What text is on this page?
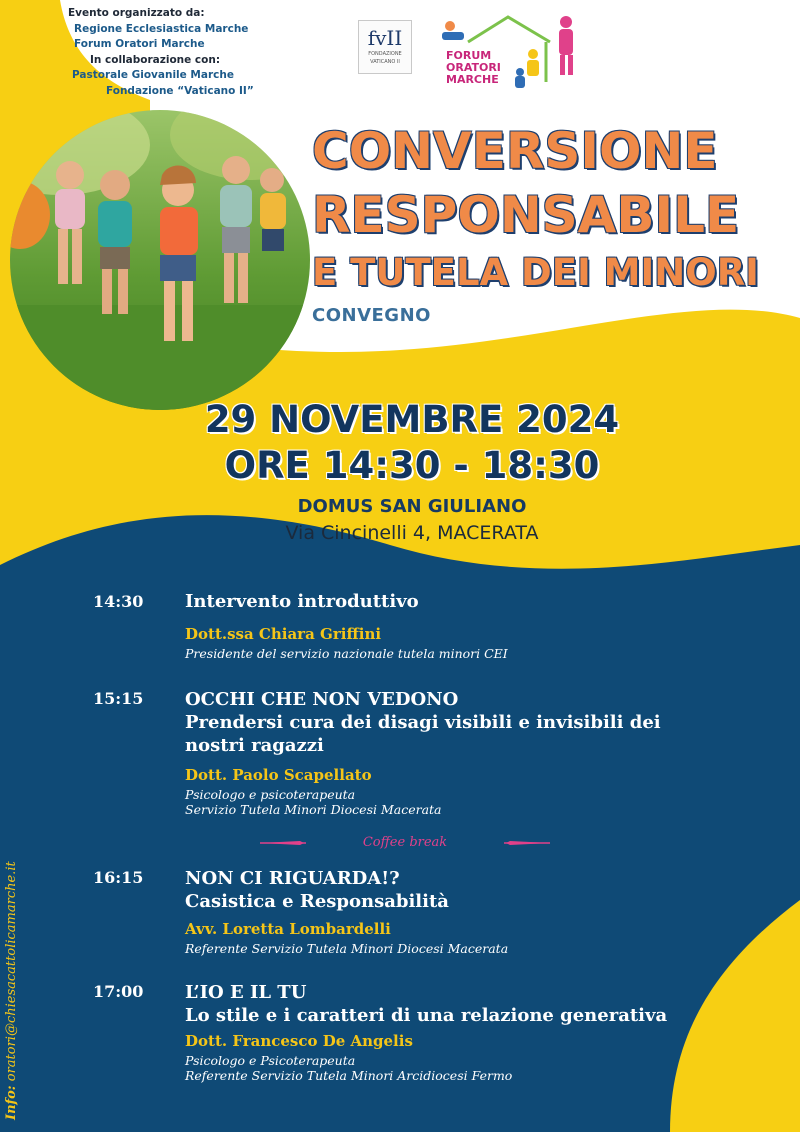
Evento organizzato da:
Regione Ecclesiastica Marche
Forum Oratori Marche
In collaborazione con:
Pastorale Giovanile Marche
Fondazione “Vaticano II”
fvII
FONDAZIONE
VATICANO II	FORUM
ORATORI
MARCHE
CONVERSIONE
RESPONSABILE
E TUTELA DEI MINORI
CONVEGNO
29 NOVEMBRE 2024
ORE 14:30 - 18:30
DOMUS SAN GIULIANO
Via Cincinelli 4, MACERATA
14:30 Intervento introduttivo
Dott.ssa Chiara Griffini
Presidente del servizio nazionale tutela minori CEI
15:15 OCCHI CHE NON VEDONO
Prendersi cura dei disagi visibili e invisibili dei
nostri ragazzi
Dott. Paolo Scapellato
Psicologo e psicoterapeuta
Servizio Tutela Minori Diocesi Macerata
Coffee break
16:15 NON CI RIGUARDA!?
Casistica e Responsabilità
Avv. Loretta Lombardelli
Referente Servizio Tutela Minori Diocesi Macerata
17:00 L’IO E IL TU
Lo stile e i caratteri di una relazione generativa
Dott. Francesco De Angelis
Psicologo e Psicoterapeuta
Referente Servizio Tutela Minori Arcidiocesi Fermo
Info: oratori@chiesacattolicamarche.it
